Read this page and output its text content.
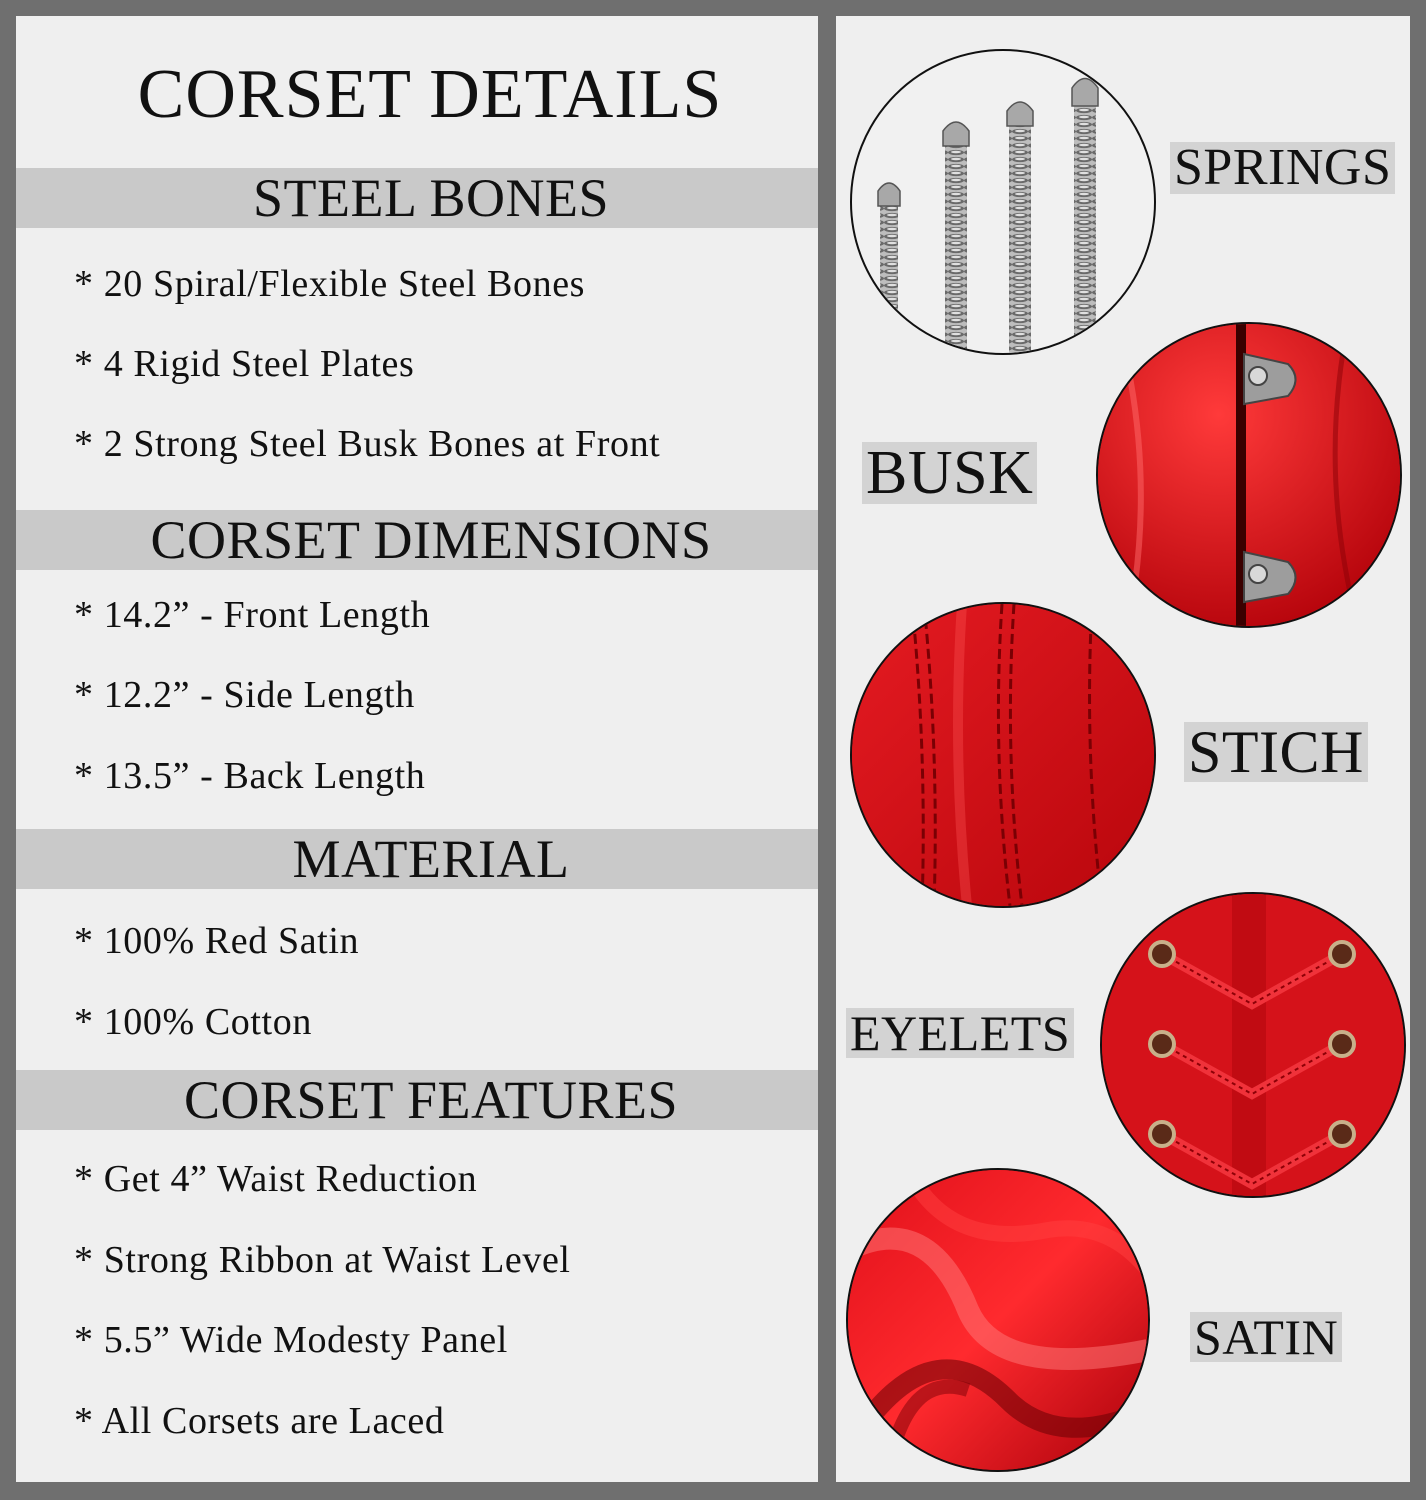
CORSET DETAILS
STEEL BONES
* 20 Spiral/Flexible Steel Bones
* 4 Rigid Steel Plates
* 2 Strong Steel Busk Bones at Front
CORSET DIMENSIONS
* 14.2” - Front Length
* 12.2” - Side Length
* 13.5” - Back Length
MATERIAL
* 100% Red Satin
* 100% Cotton
CORSET FEATURES
* Get 4” Waist Reduction
* Strong Ribbon at Waist Level
* 5.5” Wide Modesty Panel
* All Corsets are Laced
SPRINGS
BUSK
STICH
EYELETS
SATIN
